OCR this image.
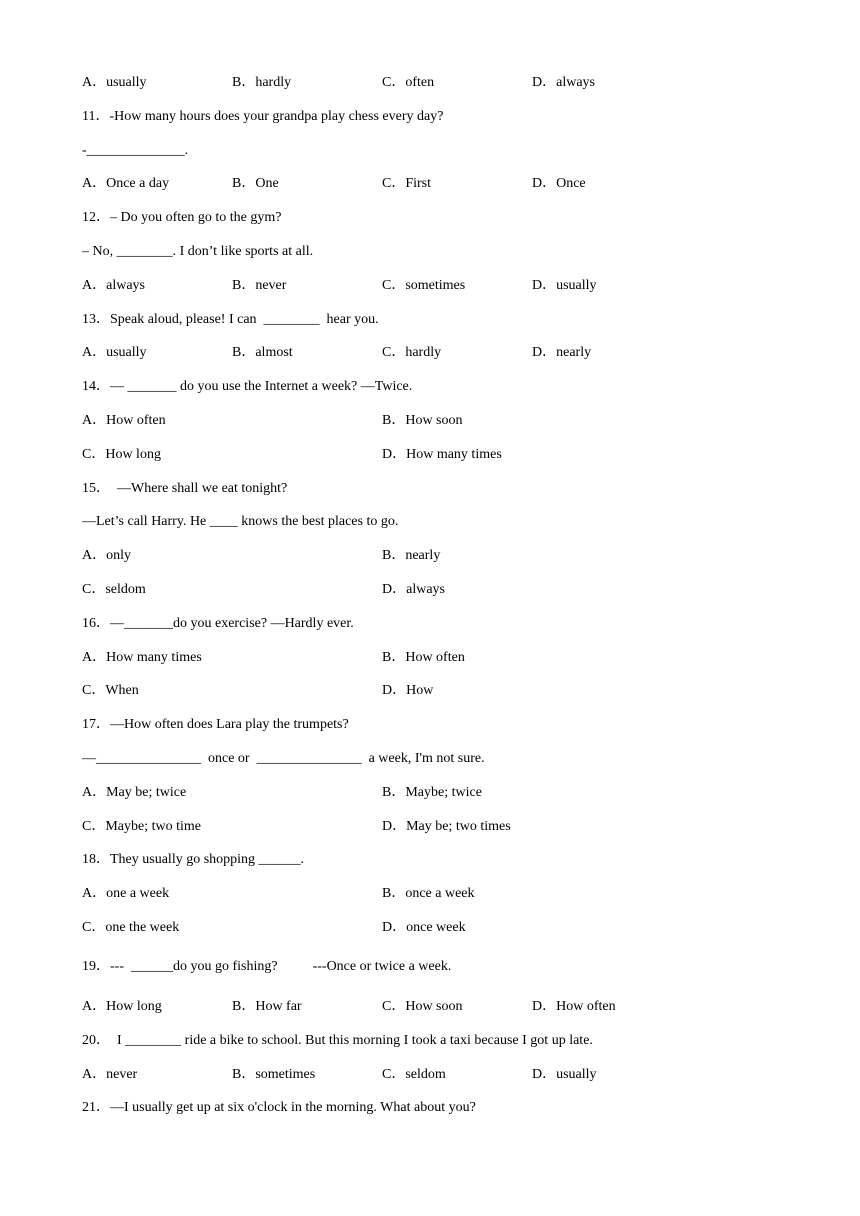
A．usually	B．hardly	C．often	D．always
11．-How many hours does your grandpa play chess every day?
-______________.
A．Once a day	B．One	C．First	D．Once
12．– Do you often go to the gym?
– No, ________. I don’t like sports at all.
A．always	B．never	C．sometimes	D．usually
13．Speak aloud, please! I can  ________  hear you.
A．usually	B．almost	C．hardly	D．nearly
14．— _______ do you use the Internet a week? —Twice.
A．How often	B．How soon
C．How long	D．How many times
15．  —Where shall we eat tonight?
—Let’s call Harry. He ____ knows the best places to go.
A．only	B．nearly
C．seldom	D．always
16．—_______do you exercise? —Hardly ever.
A．How many times	B．How often
C．When	D．How
17．—How often does Lara play the trumpets?
—_______________  once or  _______________  a week, I'm not sure.
A．May be; twice	B．Maybe; twice
C．Maybe; two time	D．May be; two times
18．They usually go shopping ______.
A．one a week	B．once a week
C．one the week	D．once week
19．---  ______do you go fishing?          ---Once or twice a week.
A．How long	B．How far	C．How soon	D．How often
20．  I ________ ride a bike to school. But this morning I took a taxi because I got up late.
A．never	B．sometimes	C．seldom	D．usually
21．—I usually get up at six o'clock in the morning. What about you?
